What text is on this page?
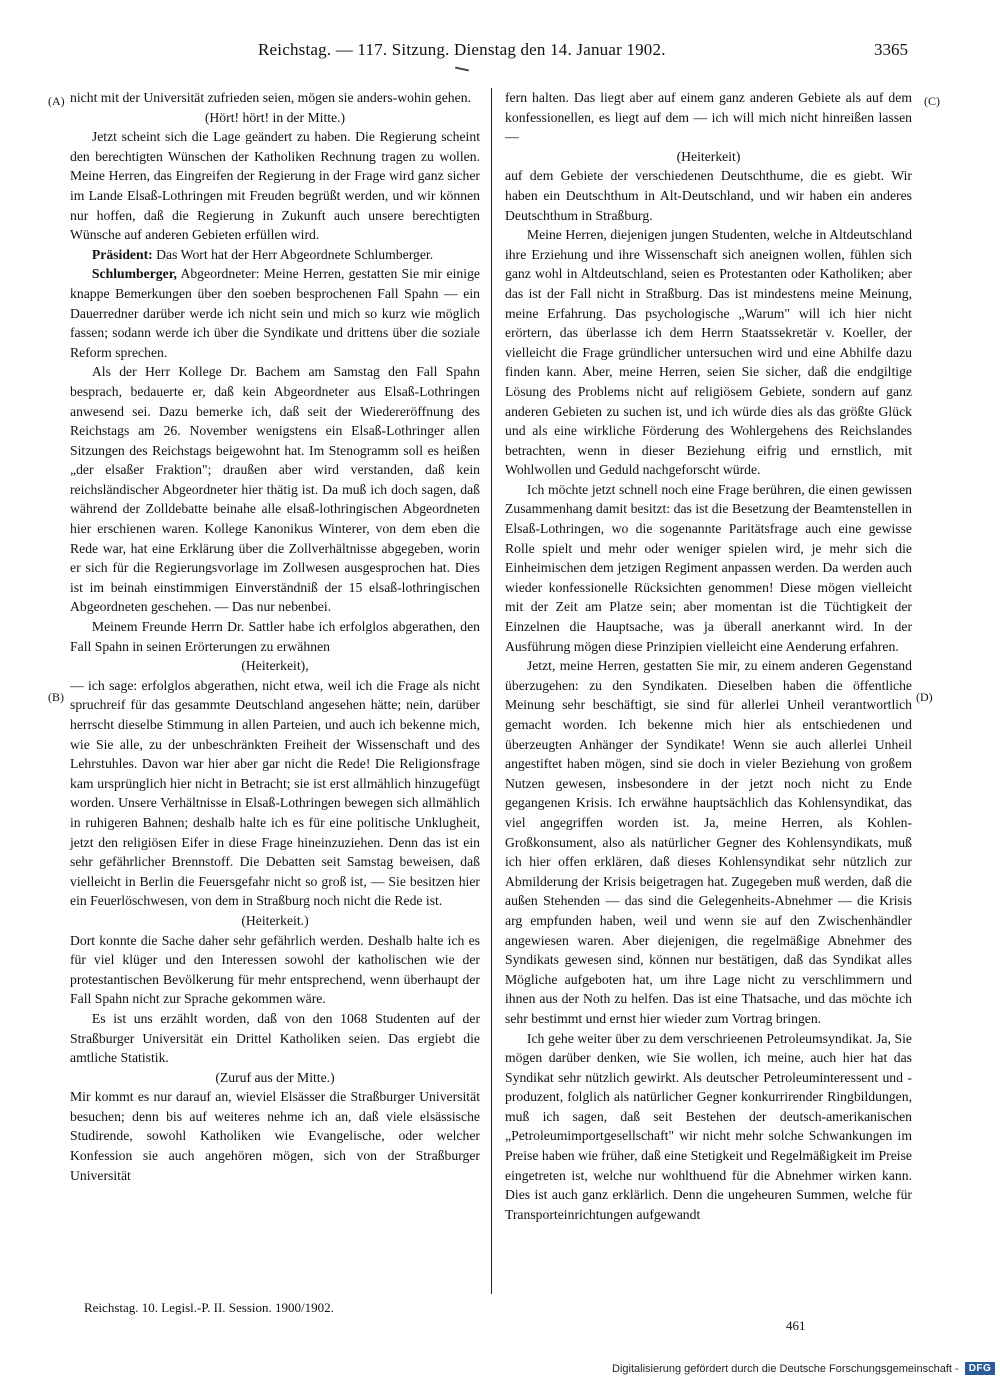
Reichstag. — 117. Sitzung. Dienstag den 14. Januar 1902.	3365
(A)
(B)
(C)
(D)

nicht mit der Universität zufrieden seien, mögen sie anders-wohin gehen.

(Hört! hört! in der Mitte.)

Jetzt scheint sich die Lage geändert zu haben. Die Regierung scheint den berechtigten Wünschen der Katholiken Rechnung tragen zu wollen. Meine Herren, das Eingreifen der Regierung in der Frage wird ganz sicher im Lande Elsaß-Lothringen mit Freuden begrüßt werden, und wir können nur hoffen, daß die Regierung in Zukunft auch unsere berechtigten Wünsche auf anderen Gebieten erfüllen wird.

Präsident: Das Wort hat der Herr Abgeordnete Schlumberger.

Schlumberger, Abgeordneter: Meine Herren, gestatten Sie mir einige knappe Bemerkungen über den soeben besprochenen Fall Spahn — ein Dauerredner darüber werde ich nicht sein und mich so kurz wie möglich fassen; sodann werde ich über die Syndikate und drittens über die soziale Reform sprechen.

Als der Herr Kollege Dr. Bachem am Samstag den Fall Spahn besprach, bedauerte er, daß kein Abgeordneter aus Elsaß-Lothringen anwesend sei. Dazu bemerke ich, daß seit der Wiedereröffnung des Reichstags am 26. November wenigstens ein Elsaß-Lothringer allen Sitzungen des Reichstags beigewohnt hat. Im Stenogramm soll es heißen „der elsaßer Fraktion"; draußen aber wird verstanden, daß kein reichsländischer Abgeordneter hier thätig ist. Da muß ich doch sagen, daß während der Zolldebatte beinahe alle elsaß-lothringischen Abgeordneten hier erschienen waren. Kollege Kanonikus Winterer, von dem eben die Rede war, hat eine Erklärung über die Zollverhältnisse abgegeben, worin er sich für die Regierungsvorlage im Zollwesen ausgesprochen hat. Dies ist im beinah einstimmigen Einverständniß der 15 elsaß-lothringischen Abgeordneten geschehen. — Das nur nebenbei.

Meinem Freunde Herrn Dr. Sattler habe ich erfolglos abgerathen, den Fall Spahn in seinen Erörterungen zu erwähnen

(Heiterkeit),

— ich sage: erfolglos abgerathen, nicht etwa, weil ich die Frage als nicht spruchreif für das gesammte Deutschland angesehen hätte; nein, darüber herrscht dieselbe Stimmung in allen Parteien, und auch ich bekenne mich, wie Sie alle, zu der unbeschränkten Freiheit der Wissenschaft und des Lehrstuhles. Davon war hier aber gar nicht die Rede! Die Religionsfrage kam ursprünglich hier nicht in Betracht; sie ist erst allmählich hinzugefügt worden. Unsere Verhältnisse in Elsaß-Lothringen bewegen sich allmählich in ruhigeren Bahnen; deshalb halte ich es für eine politische Unklugheit, jetzt den religiösen Eifer in diese Frage hineinzuziehen. Denn das ist ein sehr gefährlicher Brennstoff. Die Debatten seit Samstag beweisen, daß vielleicht in Berlin die Feuersgefahr nicht so groß ist, — Sie besitzen hier ein Feuerlöschwesen, von dem in Straßburg noch nicht die Rede ist.

(Heiterkeit.)

Dort konnte die Sache daher sehr gefährlich werden. Deshalb halte ich es für viel klüger und den Interessen sowohl der katholischen wie der protestantischen Bevölkerung für mehr entsprechend, wenn überhaupt der Fall Spahn nicht zur Sprache gekommen wäre.

Es ist uns erzählt worden, daß von den 1068 Studenten auf der Straßburger Universität ein Drittel Katholiken seien. Das ergiebt die amtliche Statistik.

(Zuruf aus der Mitte.)

Mir kommt es nur darauf an, wieviel Elsässer die Straßburger Universität besuchen; denn bis auf weiteres nehme ich an, daß viele elsässische Studirende, sowohl Katholiken wie Evangelische, oder welcher Konfession sie auch angehören mögen, sich von der Straßburger Universität

fern halten. Das liegt aber auf einem ganz anderen Gebiete als auf dem konfessionellen, es liegt auf dem — ich will mich nicht hinreißen lassen —

(Heiterkeit)

auf dem Gebiete der verschiedenen Deutschthume, die es giebt. Wir haben ein Deutschthum in Alt-Deutschland, und wir haben ein anderes Deutschthum in Straßburg.

Meine Herren, diejenigen jungen Studenten, welche in Altdeutschland ihre Erziehung und ihre Wissenschaft sich aneignen wollen, fühlen sich ganz wohl in Altdeutschland, seien es Protestanten oder Katholiken; aber das ist der Fall nicht in Straßburg. Das ist mindestens meine Meinung, meine Erfahrung. Das psychologische „Warum" will ich hier nicht erörtern, das überlasse ich dem Herrn Staatssekretär v. Koeller, der vielleicht die Frage gründlicher untersuchen wird und eine Abhilfe dazu finden kann. Aber, meine Herren, seien Sie sicher, daß die endgiltige Lösung des Problems nicht auf religiösem Gebiete, sondern auf ganz anderen Gebieten zu suchen ist, und ich würde dies als das größte Glück und als eine wirkliche Förderung des Wohlergehens des Reichslandes betrachten, wenn in dieser Beziehung eifrig und ernstlich, mit Wohlwollen und Geduld nachgeforscht würde.

Ich möchte jetzt schnell noch eine Frage berühren, die einen gewissen Zusammenhang damit besitzt: das ist die Besetzung der Beamtenstellen in Elsaß-Lothringen, wo die sogenannte Paritätsfrage auch eine gewisse Rolle spielt und mehr oder weniger spielen wird, je mehr sich die Einheimischen dem jetzigen Regiment anpassen werden. Da werden auch wieder konfessionelle Rücksichten genommen! Diese mögen vielleicht mit der Zeit am Platze sein; aber momentan ist die Tüchtigkeit der Einzelnen die Hauptsache, was ja überall anerkannt wird. In der Ausführung mögen diese Prinzipien vielleicht eine Aenderung erfahren.

Jetzt, meine Herren, gestatten Sie mir, zu einem anderen Gegenstand überzugehen: zu den Syndikaten. Dieselben haben die öffentliche Meinung sehr beschäftigt, sie sind für allerlei Unheil verantwortlich gemacht worden. Ich bekenne mich hier als entschiedenen und überzeugten Anhänger der Syndikate! Wenn sie auch allerlei Unheil angestiftet haben mögen, sind sie doch in vieler Beziehung von großem Nutzen gewesen, insbesondere in der jetzt noch nicht zu Ende gegangenen Krisis. Ich erwähne hauptsächlich das Kohlensyndikat, das viel angegriffen worden ist. Ja, meine Herren, als Kohlen-Großkonsument, also als natürlicher Gegner des Kohlensyndikats, muß ich hier offen erklären, daß dieses Kohlensyndikat sehr nützlich zur Abmilderung der Krisis beigetragen hat. Zugegeben muß werden, daß die außen Stehenden — das sind die Gelegenheits-Abnehmer — die Krisis arg empfunden haben, weil und wenn sie auf den Zwischenhändler angewiesen waren. Aber diejenigen, die regelmäßige Abnehmer des Syndikats gewesen sind, können nur bestätigen, daß das Syndikat alles Mögliche aufgeboten hat, um ihre Lage nicht zu verschlimmern und ihnen aus der Noth zu helfen. Das ist eine Thatsache, und das möchte ich sehr bestimmt und ernst hier wieder zum Vortrag bringen.

Ich gehe weiter über zu dem verschrieenen Petroleumsyndikat. Ja, Sie mögen darüber denken, wie Sie wollen, ich meine, auch hier hat das Syndikat sehr nützlich gewirkt. Als deutscher Petroleuminteressent und -produzent, folglich als natürlicher Gegner konkurrirender Ringbildungen, muß ich sagen, daß seit Bestehen der deutsch-amerikanischen „Petroleumimportgesellschaft" wir nicht mehr solche Schwankungen im Preise haben wie früher, daß eine Stetigkeit und Regelmäßigkeit im Preise eingetreten ist, welche nur wohlthuend für die Abnehmer wirken kann. Dies ist auch ganz erklärlich. Denn die ungeheuren Summen, welche für Transporteinrichtungen aufgewandt

Reichstag. 10. Legisl.-P. II. Session. 1900/1902.
461
Digitalisierung gefördert durch die Deutsche Forschungsgemeinschaft -	DFG
